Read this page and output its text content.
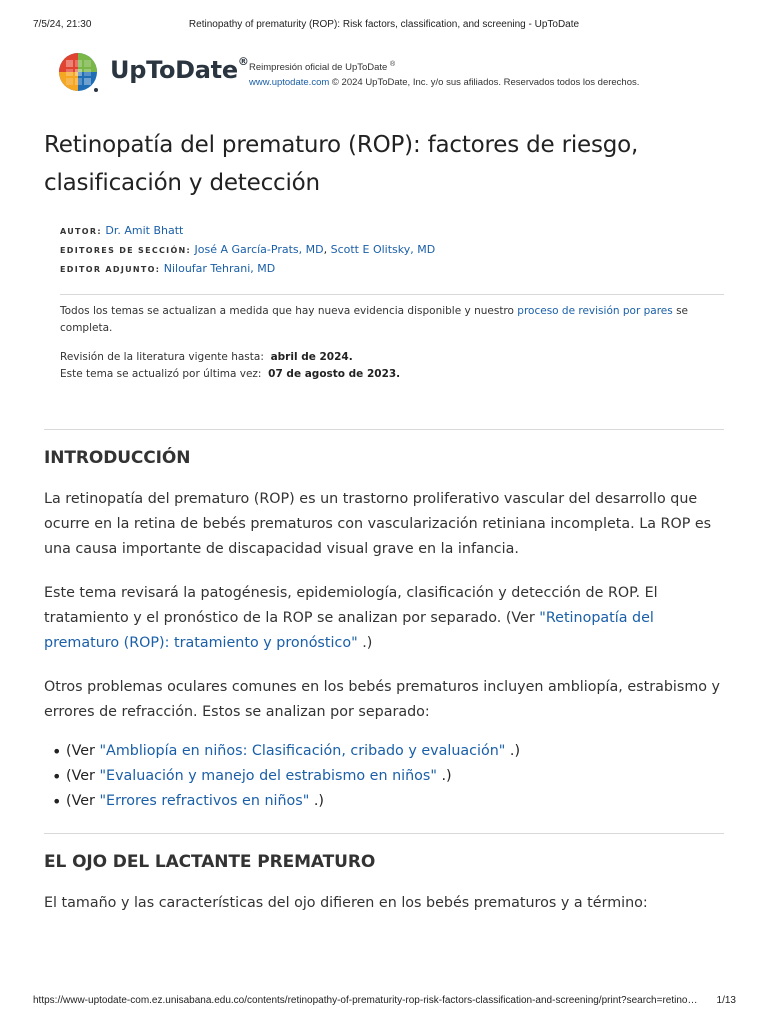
7/5/24, 21:30	Retinopathy of prematurity (ROP): Risk factors, classification, and screening - UpToDate
UpToDate® Reimpresión oficial de UpToDate ®
www.uptodate.com © 2024 UpToDate, Inc. y/o sus afiliados. Reservados todos los derechos.
Retinopatía del prematuro (ROP): factores de riesgo, clasificación y detección
AUTOR: Dr. Amit Bhatt
EDITORES DE SECCIÓN: José A García-Prats, MD, Scott E Olitsky, MD
EDITOR ADJUNTO: Niloufar Tehrani, MD

Todos los temas se actualizan a medida que hay nueva evidencia disponible y nuestro proceso de revisión por pares se completa.

Revisión de la literatura vigente hasta: abril de 2024.

Este tema se actualizó por última vez: 07 de agosto de 2023.

INTRODUCCIÓN

La retinopatía del prematuro (ROP) es un trastorno proliferativo vascular del desarrollo que ocurre en la retina de bebés prematuros con vascularización retiniana incompleta. La ROP es una causa importante de discapacidad visual grave en la infancia.

Este tema revisará la patogénesis, epidemiología, clasificación y detección de ROP. El tratamiento y el pronóstico de la ROP se analizan por separado. (Ver "Retinopatía del prematuro (ROP): tratamiento y pronóstico" .)

Otros problemas oculares comunes en los bebés prematuros incluyen ambliopía, estrabismo y errores de refracción. Estos se analizan por separado:

• (Ver "Ambliopía en niños: Clasificación, cribado y evaluación" .)
• (Ver "Evaluación y manejo del estrabismo en niños" .)
• (Ver "Errores refractivos en niños" .)
EL OJO DEL LACTANTE PREMATURO

El tamaño y las características del ojo difieren en los bebés prematuros y a término:

https://www-uptodate-com.ez.unisabana.edu.co/contents/retinopathy-of-prematurity-rop-risk-factors-classification-and-screening/print?search=retino…	1/13
